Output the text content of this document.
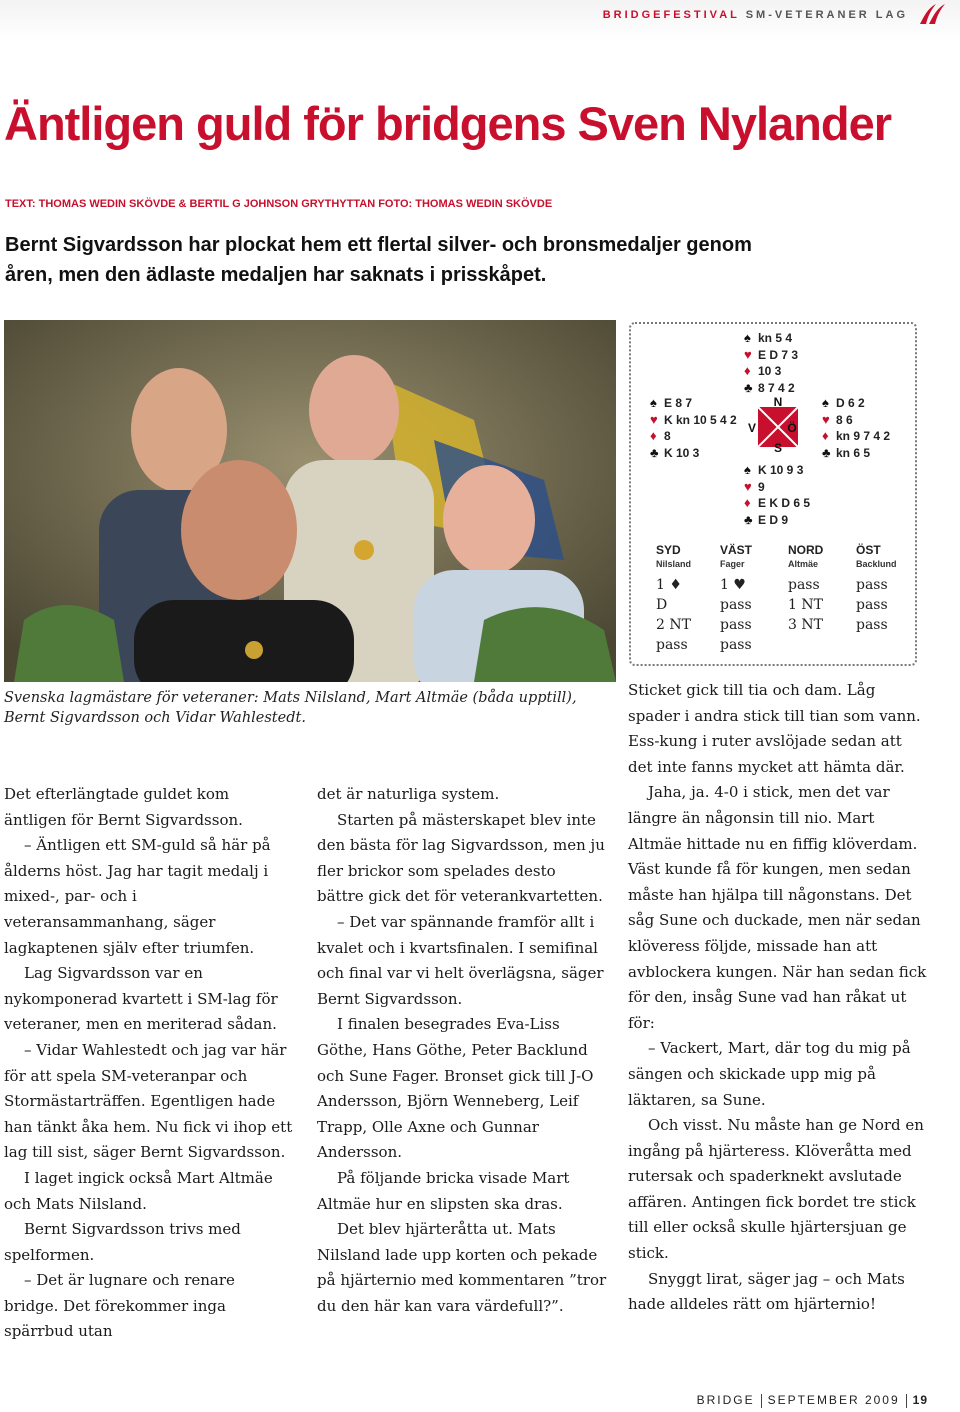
BRIDGEFESTIVAL SM-VETERANER LAG
Äntligen guld för bridgens Sven Nylander
TEXT: THOMAS WEDIN SKÖVDE & BERTIL G JOHNSON GRYTHYTTAN FOTO: THOMAS WEDIN SKÖVDE
Bernt Sigvardsson har plockat hem ett flertal silver- och bronsmedaljer genom
åren, men den ädlaste medaljen har saknats i prisskåpet.
Svenska lagmästare för veteraner: Mats Nilsland, Mart Altmäe (båda upptill),
Bernt Sigvardsson och Vidar Wahlestedt.
♠ kn 5 4
♥ E D 7 3
♦ 10 3
♣ 8 7 4 2
♠ E 8 7
♥ K kn 10 5 4 2
♦ 8
♣ K 10 3
♠ D 6 2
♥ 8 6
♦ kn 9 7 4 2
♣ kn 6 5
♠ K 10 9 3
♥ 9
♦ E K D 6 5
♣ E D 9
N
V	Ö
S
SYD	VÄST	NORD	ÖST
Nilsland	Fager	Altmäe	Backlund
1 ♦	1 ♥	pass	pass
D	pass	1 NT	pass
2 NT	pass	3 NT	pass
pass	pass		

Det efterlängtade guldet kom äntligen för Bernt Sigvardsson.

– Äntligen ett SM-guld så här på ålderns höst. Jag har tagit medalj i mixed-, par- och i veteransammanhang, säger lagkaptenen själv efter triumfen.

Lag Sigvardsson var en nykomponerad kvartett i SM-lag för veteraner, men en meriterad sådan.

– Vidar Wahlestedt och jag var här för att spela SM-veteranpar och Stormästarträffen. Egentligen hade han tänkt åka hem. Nu fick vi ihop ett lag till sist, säger Bernt Sigvardsson.

I laget ingick också Mart Altmäe och Mats Nilsland.

Bernt Sigvardsson trivs med spelformen.

– Det är lugnare och renare bridge. Det förekommer inga spärrbud utan

det är naturliga system.

Starten på mästerskapet blev inte den bästa för lag Sigvardsson, men ju fler brickor som spelades desto bättre gick det för veterankvartetten.

– Det var spännande framför allt i kvalet och i kvartsfinalen. I semifinal och final var vi helt överlägsna, säger Bernt Sigvardsson.

I finalen besegrades Eva-Liss Göthe, Hans Göthe, Peter Backlund och Sune Fager. Bronset gick till J-O Andersson, Björn Wenneberg, Leif Trapp, Olle Axne och Gunnar Andersson.

På följande bricka visade Mart Altmäe hur en slipsten ska dras.

Det blev hjärteråtta ut. Mats Nilsland lade upp korten och pekade på hjärternio med kommentaren ”tror du den här kan vara värdefull?”.

Sticket gick till tia och dam. Låg spader i andra stick till tian som vann. Ess-kung i ruter avslöjade sedan att det inte fanns mycket att hämta där.

Jaha, ja. 4-0 i stick, men det var längre än någonsin till nio. Mart Altmäe hittade nu en fiffig klöverdam. Väst kunde få för kungen, men sedan måste han hjälpa till någonstans. Det såg Sune och duckade, men när sedan klöveress följde, missade han att avblockera kungen. När han sedan fick för den, insåg Sune vad han råkat ut för:

– Vackert, Mart, där tog du mig på sängen och skickade upp mig på läktaren, sa Sune.

Och visst. Nu måste han ge Nord en ingång på hjärteress. Klöveråtta med rutersak och spaderknekt avslutade affären. Antingen fick bordet tre stick till eller också skulle hjärtersjuan ge stick.

Snyggt lirat, säger jag – och Mats hade alldeles rätt om hjärternio!

BRIDGE SEPTEMBER 2009 19
